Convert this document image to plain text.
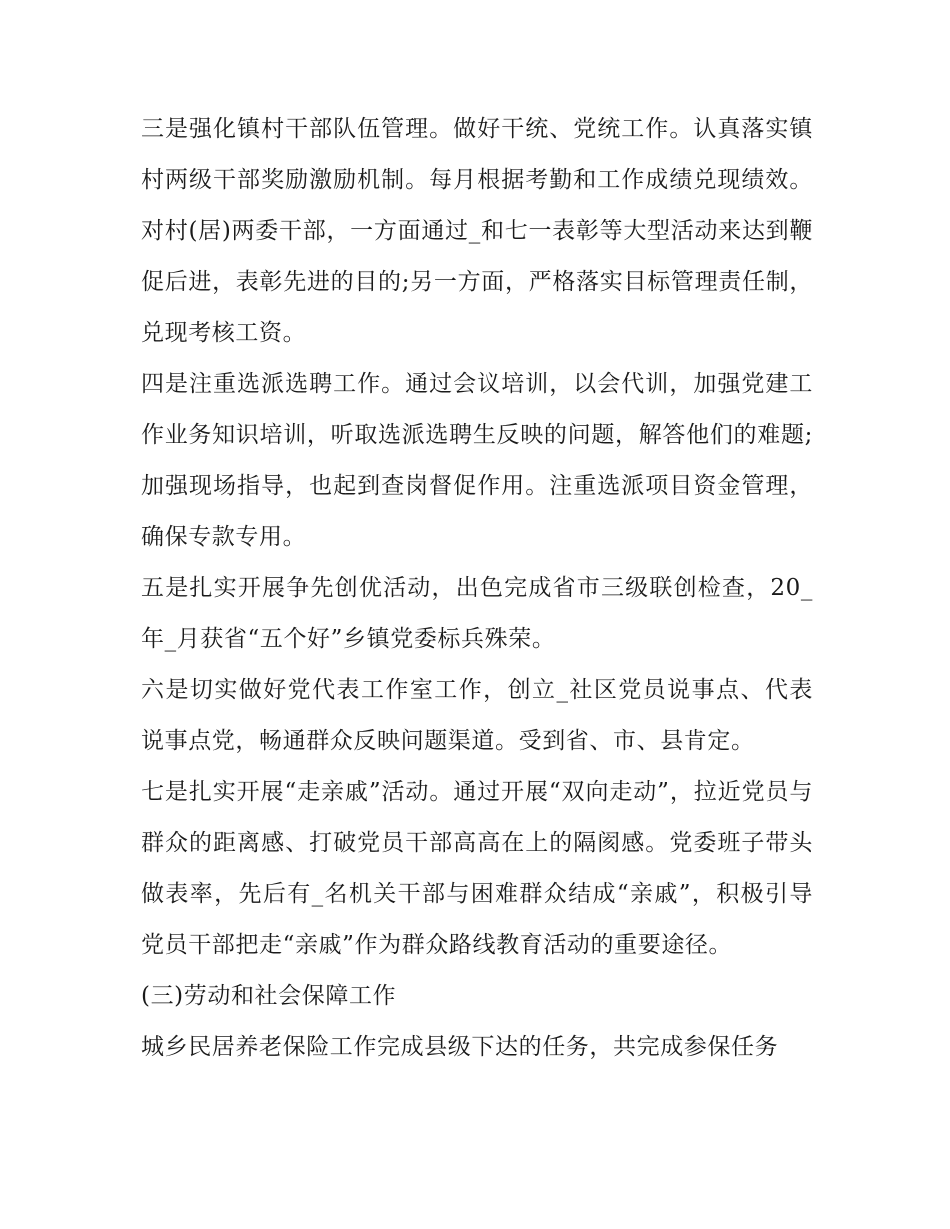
三是强化镇村干部队伍管理。做好干统、党统工作。认真落实镇村两级干部奖励激励机制。每月根据考勤和工作成绩兑现绩效。对村(居)两委干部，一方面通过_和七一表彰等大型活动来达到鞭促后进，表彰先进的目的;另一方面，严格落实目标管理责任制，兑现考核工资。

四是注重选派选聘工作。通过会议培训，以会代训，加强党建工作业务知识培训，听取选派选聘生反映的问题，解答他们的难题;加强现场指导，也起到查岗督促作用。注重选派项目资金管理，确保专款专用。

五是扎实开展争先创优活动，出色完成省市三级联创检查，20_年_月获省“五个好”乡镇党委标兵殊荣。

六是切实做好党代表工作室工作，创立_社区党员说事点、代表说事点党，畅通群众反映问题渠道。受到省、市、县肯定。

七是扎实开展“走亲戚”活动。通过开展“双向走动”，拉近党员与群众的距离感、打破党员干部高高在上的隔阂感。党委班子带头做表率，先后有_名机关干部与困难群众结成“亲戚”，积极引导党员干部把走“亲戚”作为群众路线教育活动的重要途径。

(三)劳动和社会保障工作

城乡民居养老保险工作完成县级下达的任务，共完成参保任务
